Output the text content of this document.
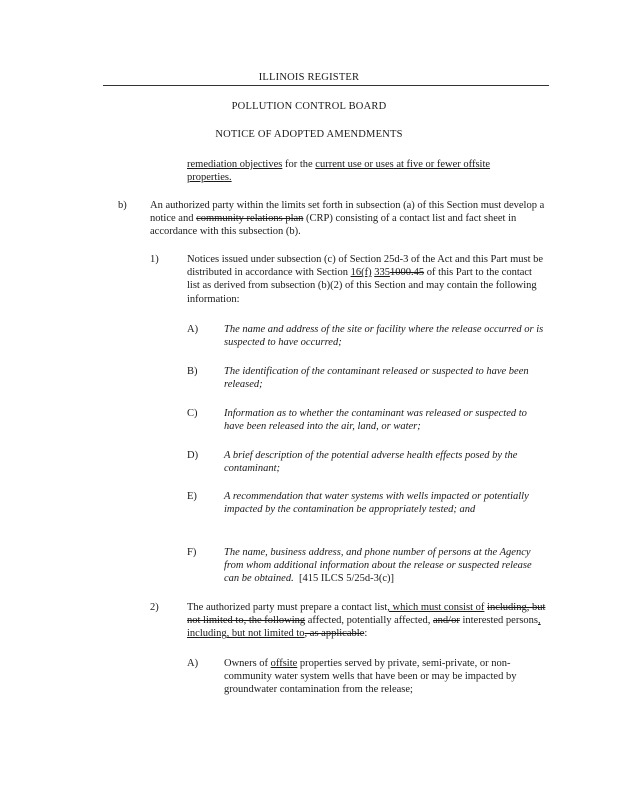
ILLINOIS REGISTER
POLLUTION CONTROL BOARD
NOTICE OF ADOPTED AMENDMENTS
remediation objectives for the current use or uses at five or fewer offsite
properties.
b) An authorized party within the limits set forth in subsection (a) of this Section must develop a notice and community relations plan (CRP) consisting of a contact list and fact sheet in accordance with this subsection (b).
1)	Notices issued under subsection (c) of Section 25d-3 of the Act and this Part must be distributed in accordance with Section 16(f) 3351000.45 of this Part to the contact list as derived from subsection (b)(2) of this Section and may contain the following information:
A) The name and address of the site or facility where the release occurred or is suspected to have occurred;
B)	The identification of the contaminant released or suspected to have been released;
C)	Information as to whether the contaminant was released or suspected to have been released into the air, land, or water;
D) A brief description of the potential adverse health effects posed by the contaminant;
E)	A recommendation that water systems with wells impacted or potentially impacted by the contamination be appropriately tested; and
F)	The name, business address, and phone number of persons at the Agency from whom additional information about the release or suspected release can be obtained. [415 ILCS 5/25d-3(c)]
2)	The authorized party must prepare a contact list, which must consist of including, but not limited to, the following affected, potentially affected, and/or interested persons, including, but not limited to, as applicable:
A) Owners of offsite properties served by private, semi-private, or non-community water system wells that have been or may be impacted by groundwater contamination from the release;
